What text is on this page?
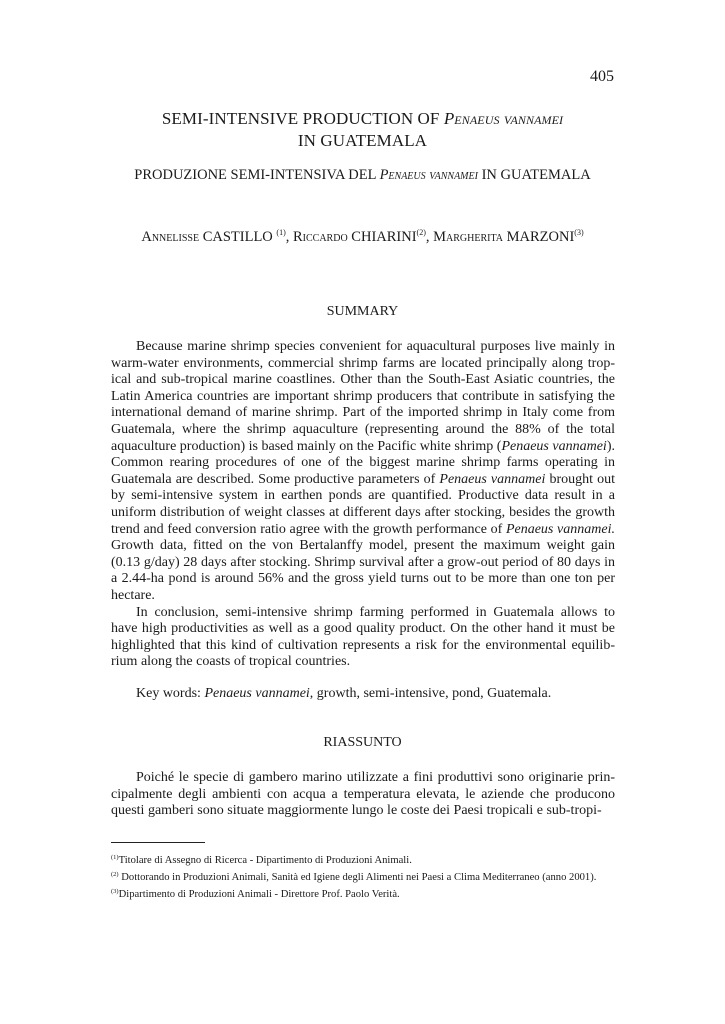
405
SEMI-INTENSIVE PRODUCTION OF Penaeus vannamei
IN GUATEMALA
PRODUZIONE SEMI-INTENSIVA DEL Penaeus vannamei IN GUATEMALA
Annelisse CASTILLO $^{(1)}$, Riccardo CHIARINI$^{(2)}$, Margherita MARZONI$^{(3)}$
SUMMARY

Because marine shrimp species convenient for aquacultural purposes live mainly in warm-water environments, commercial shrimp farms are located principally along tropical and sub-tropical marine coastlines. Other than the South-East Asiatic countries, the Latin America countries are important shrimp producers that contribute in satisfying the international demand of marine shrimp. Part of the imported shrimp in Italy come from Guatemala, where the shrimp aquaculture (representing around the 88% of the total aquaculture production) is based mainly on the Pacific white shrimp (Penaeus vannamei). Common rearing procedures of one of the biggest marine shrimp farms operating in Guatemala are described. Some productive parameters of Penaeus vannamei brought out by semi-intensive system in earthen ponds are quantified. Productive data result in a uniform distribution of weight classes at different days after stocking, besides the growth trend and feed conversion ratio agree with the growth performance of Penaeus vannamei. Growth data, fitted on the von Bertalanffy model, present the maximum weight gain (0.13 g/day) 28 days after stocking. Shrimp survival after a grow-out period of 80 days in a 2.44-ha pond is around 56% and the gross yield turns out to be more than one ton per hectare.

In conclusion, semi-intensive shrimp farming performed in Guatemala allows to have high productivities as well as a good quality product. On the other hand it must be highlighted that this kind of cultivation represents a risk for the environmental equilibrium along the coasts of tropical countries.

Key words: Penaeus vannamei, growth, semi-intensive, pond, Guatemala.
RIASSUNTO

Poiché le specie di gambero marino utilizzate a fini produttivi sono originarie principalmente degli ambienti con acqua a temperatura elevata, le aziende che producono questi gamberi sono situate maggiormente lungo le coste dei Paesi tropicali e sub-tropi-

$^{(1)}$Titolare di Assegno di Ricerca - Dipartimento di Produzioni Animali.
$^{(2)}$ Dottorando in Produzioni Animali, Sanità ed Igiene degli Alimenti nei Paesi a Clima Mediterraneo (anno 2001).
$^{(3)}$Dipartimento di Produzioni Animali - Direttore Prof. Paolo Verità.
